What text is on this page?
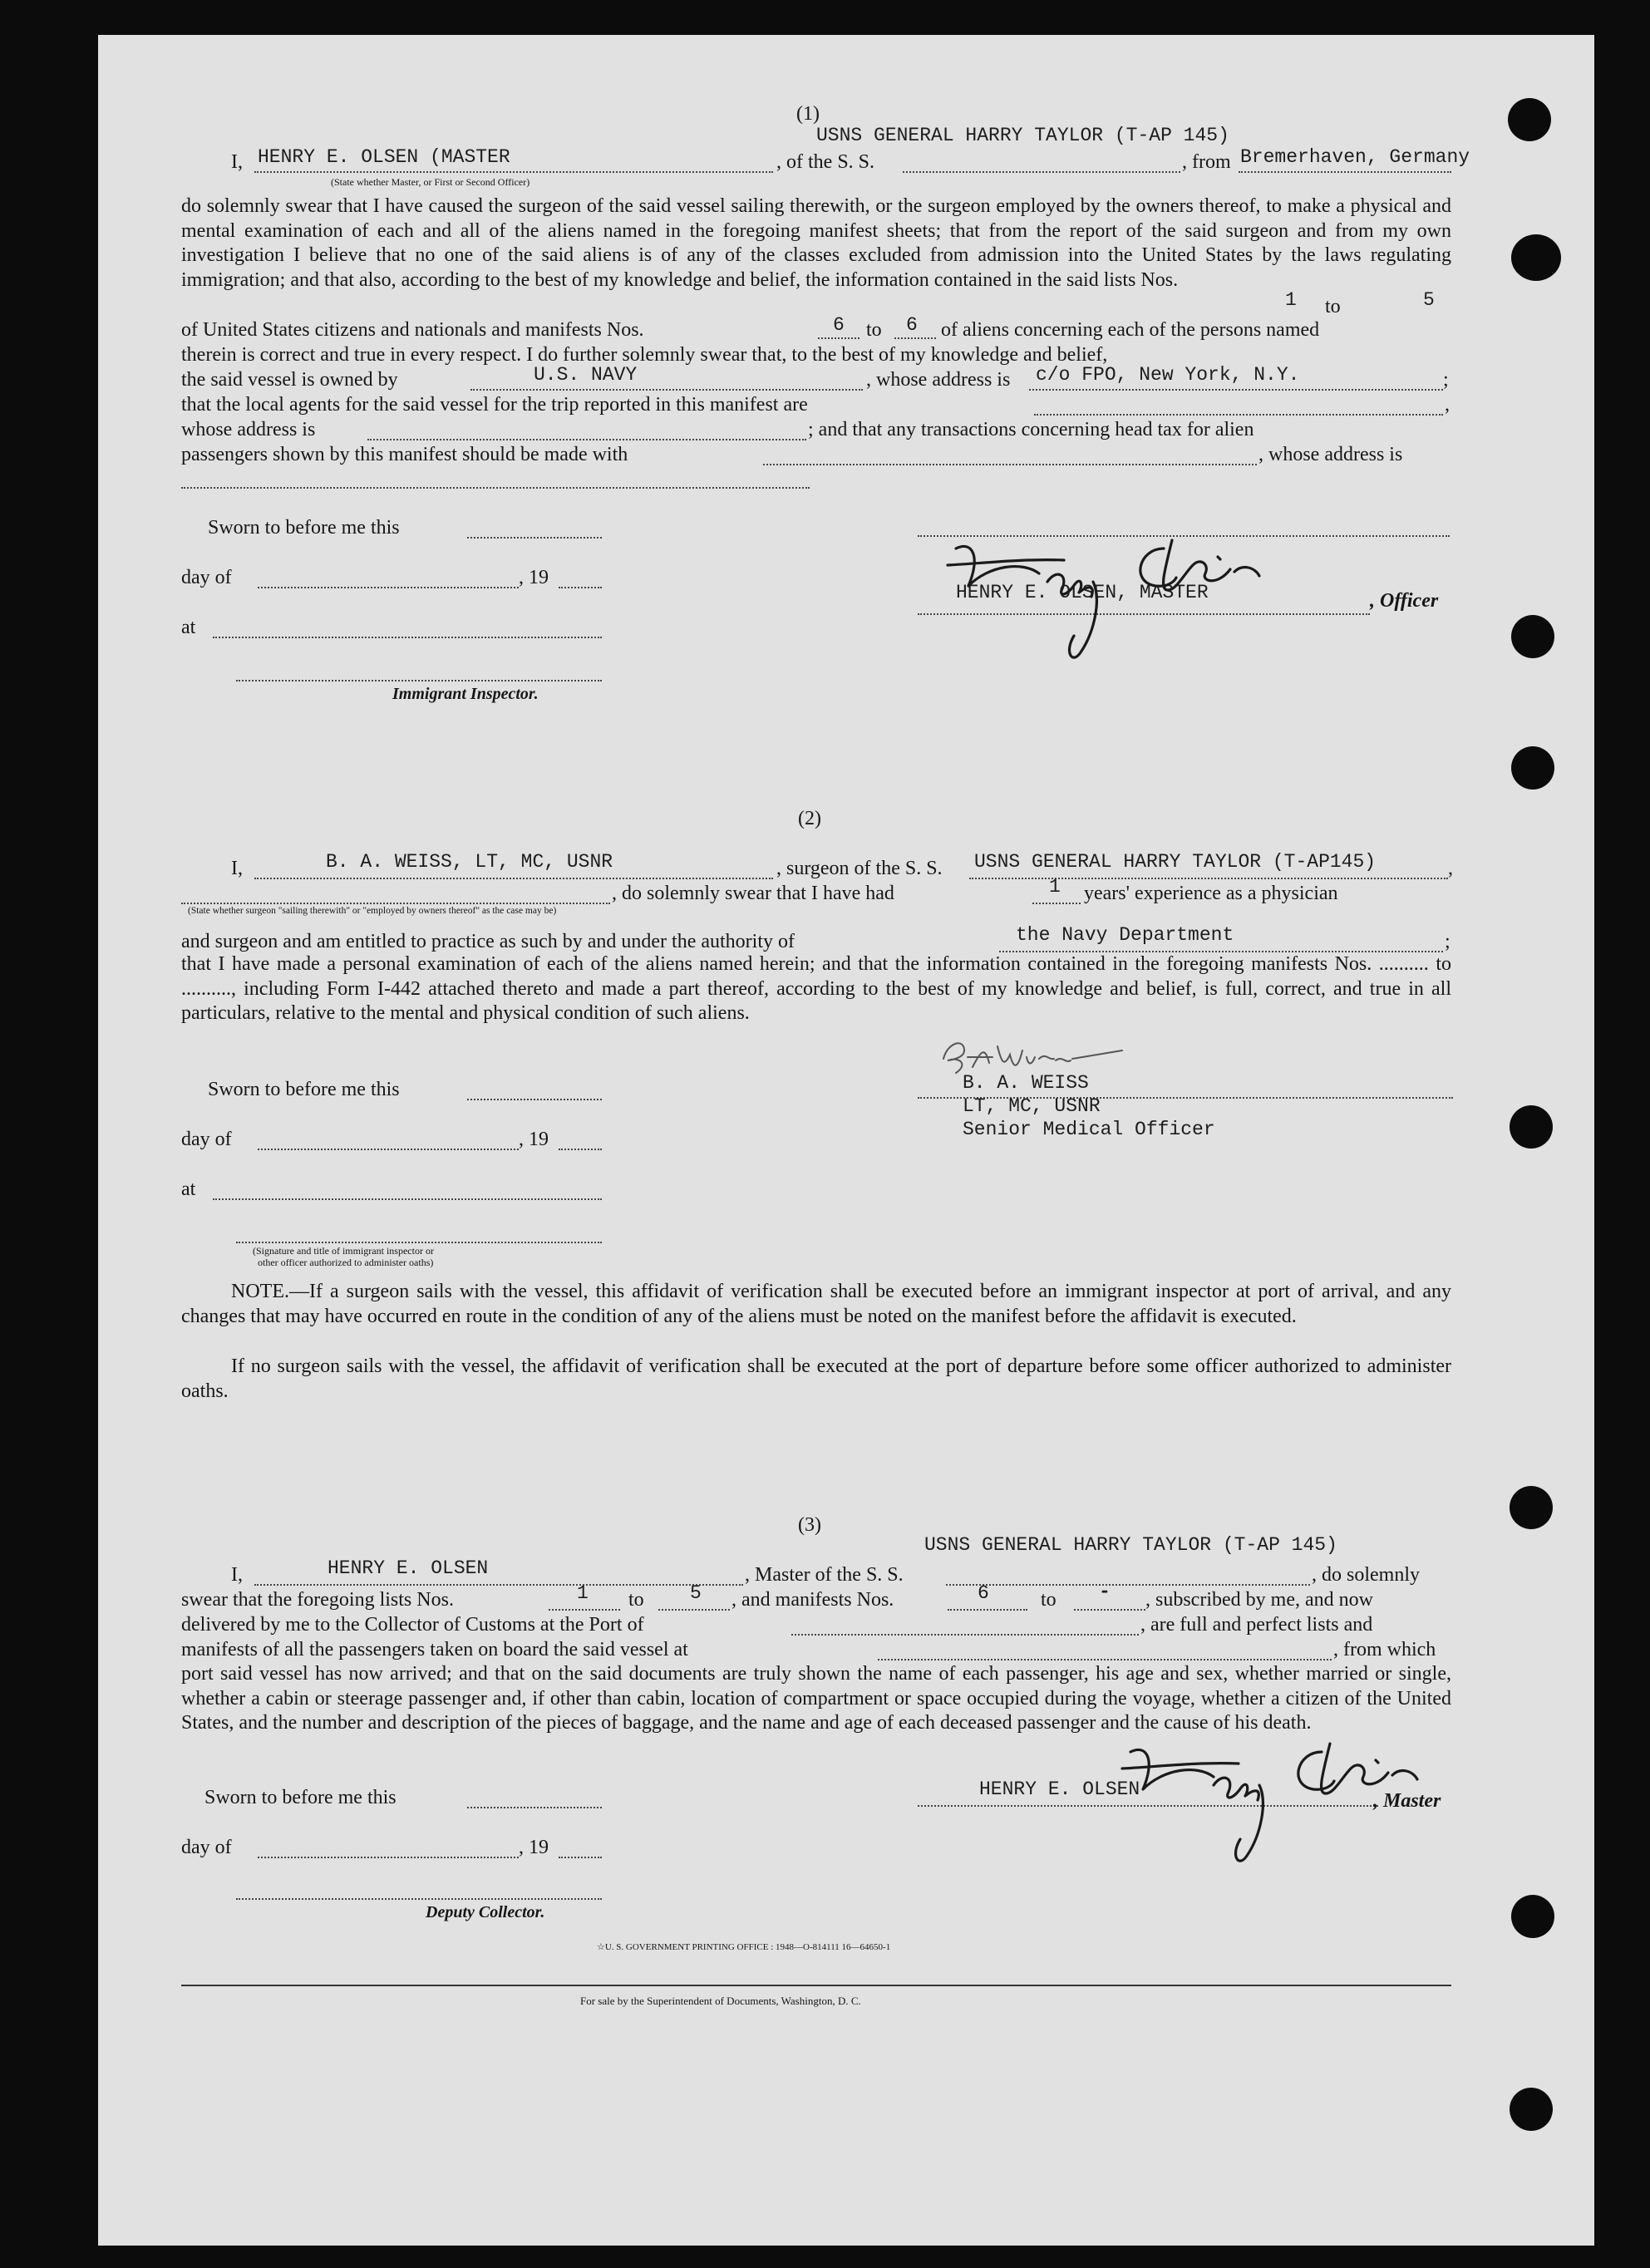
(1)
USNS GENERAL HARRY TAYLOR (T-AP 145)
I, HENRY E. OLSEN (MASTER	, of the S. S.	, from Bremerhaven, Germany
(State whether Master, or First or Second Officer)
do solemnly swear that I have caused the surgeon of the said vessel sailing therewith, or the surgeon employed by the owners thereof, to make a physical and mental examination of each and all of the aliens named in the foregoing manifest sheets; that from the report of the said surgeon and from my own investigation I believe that no one of the said aliens is of any of the classes excluded from admission into the United States by the laws regulating immigration; and that also, according to the best of my knowledge and belief, the information contained in the said lists Nos.
to
1	5
of United States citizens and nationals and manifests Nos.	6 to 6 of aliens concerning each of the persons named
therein is correct and true in every respect. I do further solemnly swear that, to the best of my knowledge and belief,
the said vessel is owned by	U.S. NAVY	, whose address is c/o FPO, New York, N.Y.	;
that the local agents for the said vessel for the trip reported in this manifest are	,
whose address is	; and that any transactions concerning head tax for alien
passengers shown by this manifest should be made with	, whose address is
Sworn to before me this
day of	, 19
at
Immigrant Inspector.
HENRY E. OLSEN, MASTER	, Officer
(2)
I,	B. A. WEISS, LT, MC, USNR	, surgeon of the S. S. USNS GENERAL HARRY TAYLOR (T-AP145)	,
, do solemnly swear that I have had	1 years' experience as a physician
(State whether surgeon "sailing therewith" or "employed by owners thereof" as the case may be)
and surgeon and am entitled to practice as such by and under the authority of	the Navy Department	;
that I have made a personal examination of each of the aliens named herein; and that the information contained in the foregoing manifests Nos. .......... to .........., including Form I-442 attached thereto and made a part thereof, according to the best of my knowledge and belief, is full, correct, and true in all particulars, relative to the mental and physical condition of such aliens.
B. A. WEISS
LT, MC, USNR
Senior Medical Officer
Sworn to before me this
day of	, 19
at
(Signature and title of immigrant inspector or
other officer authorized to administer oaths)
NOTE.—If a surgeon sails with the vessel, this affidavit of verification shall be executed before an immigrant inspector at port of arrival, and any changes that may have occurred en route in the condition of any of the aliens must be noted on the manifest before the affidavit is executed.
If no surgeon sails with the vessel, the affidavit of verification shall be executed at the port of departure before some officer authorized to administer oaths.
(3)
USNS GENERAL HARRY TAYLOR (T-AP 145)
I,	HENRY E. OLSEN	, Master of the S. S.	, do solemnly
swear that the foregoing lists Nos.	1 to 5 , and manifests Nos.	6	to - , subscribed by me, and now
delivered by me to the Collector of Customs at the Port of	, are full and perfect lists and
manifests of all the passengers taken on board the said vessel at	, from which
port said vessel has now arrived; and that on the said documents are truly shown the name of each passenger, his age and sex, whether married or single, whether a cabin or steerage passenger and, if other than cabin, location of compartment or space occupied during the voyage, whether a citizen of the United States, and the number and description of the pieces of baggage, and the name and age of each deceased passenger and the cause of his death.
Sworn to before me this
day of	, 19
Deputy Collector.
HENRY E. OLSEN
, Master
☆U. S. GOVERNMENT PRINTING OFFICE : 1948—O-814111 16—64650-1
For sale by the Superintendent of Documents, Washington, D. C.
